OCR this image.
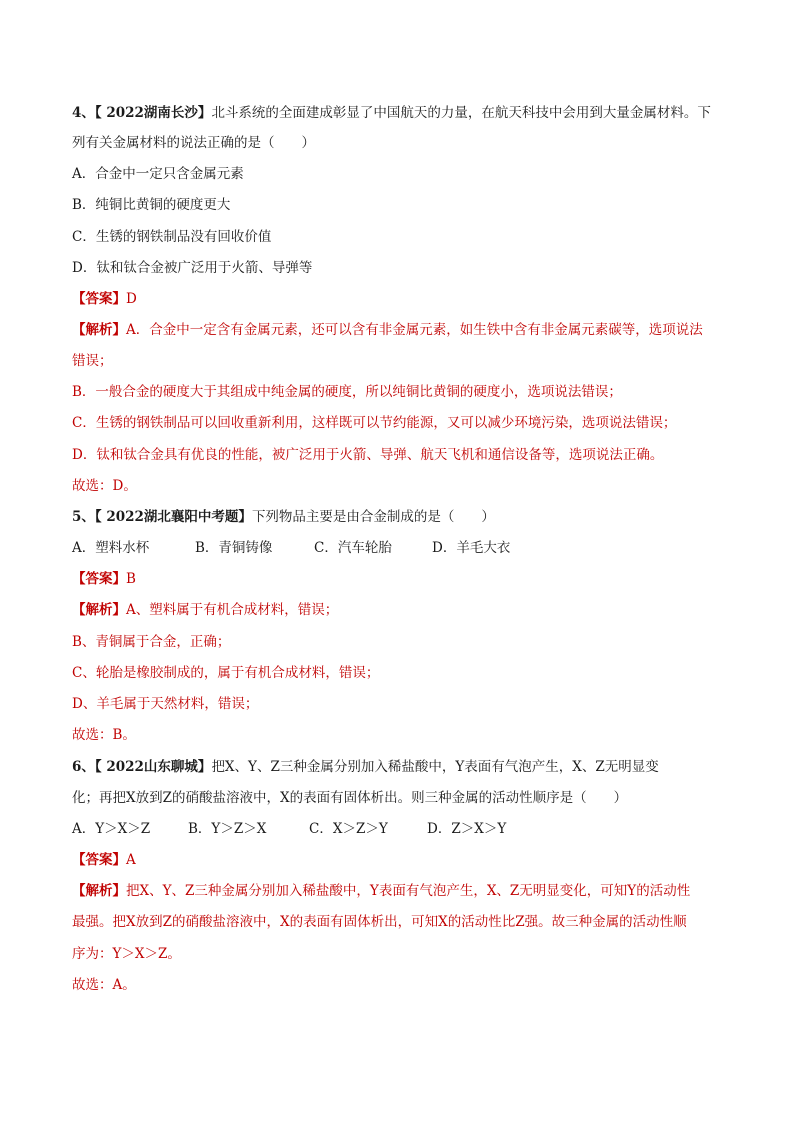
4、【 2022湖南长沙】北斗系统的全面建成彰显了中国航天的力量，在航天科技中会用到大量金属材料。下
列有关金属材料的说法正确的是（　　）
A．合金中一定只含金属元素
B．纯铜比黄铜的硬度更大
C．生锈的钢铁制品没有回收价值
D．钛和钛合金被广泛用于火箭、导弹等
【答案】D
【解析】A．合金中一定含有金属元素，还可以含有非金属元素，如生铁中含有非金属元素碳等，选项说法
错误；
B．一般合金的硬度大于其组成中纯金属的硬度，所以纯铜比黄铜的硬度小，选项说法错误；
C．生锈的钢铁制品可以回收重新利用，这样既可以节约能源，又可以减少环境污染，选项说法错误；
D．钛和钛合金具有优良的性能，被广泛用于火箭、导弹、航天飞机和通信设备等，选项说法正确。
故选：D。
5、【 2022湖北襄阳中考题】下列物品主要是由合金制成的是（　　）
A．塑料水杯	B．青铜铸像	C．汽车轮胎	D．羊毛大衣
【答案】B
【解析】A、塑料属于有机合成材料，错误；
B、青铜属于合金，正确；
C、轮胎是橡胶制成的，属于有机合成材料，错误；
D、羊毛属于天然材料，错误；
故选：B。
6、【 2022山东聊城】把X、Y、Z三种金属分别加入稀盐酸中，Y表面有气泡产生，X、Z无明显变
化；再把X放到Z的硝酸盐溶液中，X的表面有固体析出。则三种金属的活动性顺序是（　　）
A．Y＞X＞Z	B．Y＞Z＞X	C．X＞Z＞Y	D．Z＞X＞Y
【答案】A
【解析】把X、Y、Z三种金属分别加入稀盐酸中，Y表面有气泡产生，X、Z无明显变化，可知Y的活动性
最强。把X放到Z的硝酸盐溶液中，X的表面有固体析出，可知X的活动性比Z强。故三种金属的活动性顺
序为：Y＞X＞Z。
故选：A。
